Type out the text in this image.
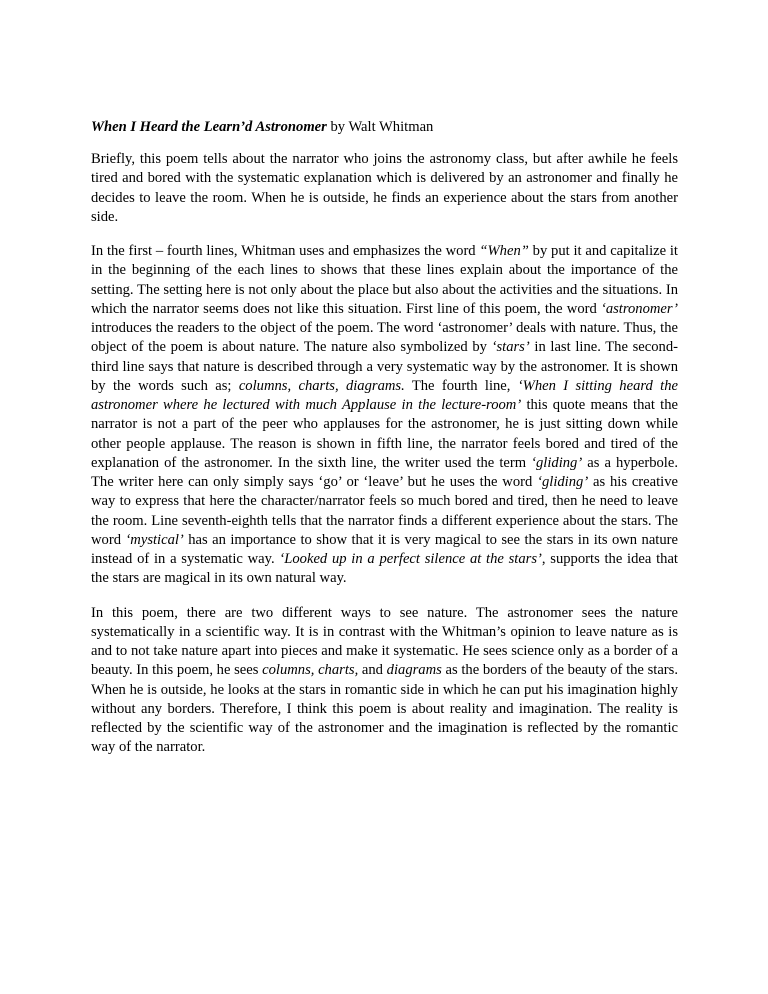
When I Heard the Learn’d Astronomer by Walt Whitman

Briefly, this poem tells about the narrator who joins the astronomy class, but after awhile he feels tired and bored with the systematic explanation which is delivered by an astronomer and finally he decides to leave the room. When he is outside, he finds an experience about the stars from another side.

In the first – fourth lines, Whitman uses and emphasizes the word “When” by put it and capitalize it in the beginning of the each lines to shows that these lines explain about the importance of the setting. The setting here is not only about the place but also about the activities and the situations. In which the narrator seems does not like this situation. First line of this poem, the word ‘astronomer’ introduces the readers to the object of the poem. The word ‘astronomer’ deals with nature. Thus, the object of the poem is about nature. The nature also symbolized by ‘stars’ in last line. The second-third line says that nature is described through a very systematic way by the astronomer. It is shown by the words such as; columns, charts, diagrams. The fourth line, ‘When I sitting heard the astronomer where he lectured with much Applause in the lecture-room’ this quote means that the narrator is not a part of the peer who applauses for the astronomer, he is just sitting down while other people applause. The reason is shown in fifth line, the narrator feels bored and tired of the explanation of the astronomer. In the sixth line, the writer used the term ‘gliding’ as a hyperbole. The writer here can only simply says ‘go’ or ‘leave’ but he uses the word ‘gliding’ as his creative way to express that here the character/narrator feels so much bored and tired, then he need to leave the room. Line seventh-eighth tells that the narrator finds a different experience about the stars. The word ‘mystical’ has an importance to show that it is very magical to see the stars in its own nature instead of in a systematic way. ‘Looked up in a perfect silence at the stars’, supports the idea that the stars are magical in its own natural way.

In this poem, there are two different ways to see nature. The astronomer sees the nature systematically in a scientific way. It is in contrast with the Whitman’s opinion to leave nature as is and to not take nature apart into pieces and make it systematic. He sees science only as a border of a beauty. In this poem, he sees columns, charts, and diagrams as the borders of the beauty of the stars. When he is outside, he looks at the stars in romantic side in which he can put his imagination highly without any borders. Therefore, I think this poem is about reality and imagination. The reality is reflected by the scientific way of the astronomer and the imagination is reflected by the romantic way of the narrator.
